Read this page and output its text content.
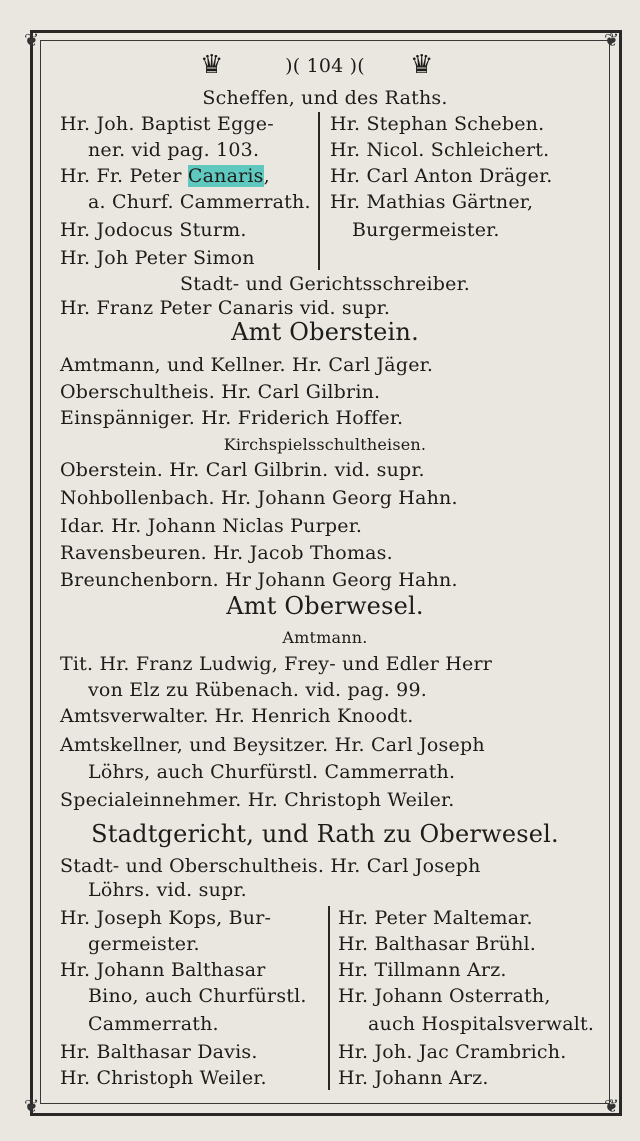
❦	❦
❦	❦
♛	♛
)( 104 )(
Scheffen, und des Raths.
Hr. Joh. Baptist Egge-
ner. vid pag. 103.
Hr. Fr. Peter Canaris,
a. Churf. Cammerrath.
Hr. Jodocus Sturm.
Hr. Joh Peter Simon
Hr. Stephan Scheben.
Hr. Nicol. Schleichert.
Hr. Carl Anton Dräger.
Hr. Mathias Gärtner,
Burgermeister.
Stadt- und Gerichtsschreiber.
Hr. Franz Peter Canaris vid. supr.
Amt Oberstein.
Amtmann, und Kellner. Hr. Carl Jäger.
Oberschultheis. Hr. Carl Gilbrin.
Einspänniger. Hr. Friderich Hoffer.
Kirchspielsschultheisen.
Oberstein. Hr. Carl Gilbrin. vid. supr.
Nohbollenbach. Hr. Johann Georg Hahn.
Idar. Hr. Johann Niclas Purper.
Ravensbeuren. Hr. Jacob Thomas.
Breunchenborn. Hr Johann Georg Hahn.
Amt Oberwesel.
Amtmann.
Tit. Hr. Franz Ludwig, Frey- und Edler Herr
von Elz zu Rübenach. vid. pag. 99.
Amtsverwalter. Hr. Henrich Knoodt.
Amtskellner, und Beysitzer. Hr. Carl Joseph
Löhrs, auch Churfürstl. Cammerrath.
Specialeinnehmer. Hr. Christoph Weiler.
Stadtgericht, und Rath zu Oberwesel.
Stadt- und Oberschultheis. Hr. Carl Joseph
Löhrs. vid. supr.
Hr. Joseph Kops, Bur-
germeister.
Hr. Johann Balthasar
Bino, auch Churfürstl.
Cammerrath.
Hr. Balthasar Davis.
Hr. Christoph Weiler.
Hr. Peter Maltemar.
Hr. Balthasar Brühl.
Hr. Tillmann Arz.
Hr. Johann Osterrath,
auch Hospitalsverwalt.
Hr. Joh. Jac Crambrich.
Hr. Johann Arz.
